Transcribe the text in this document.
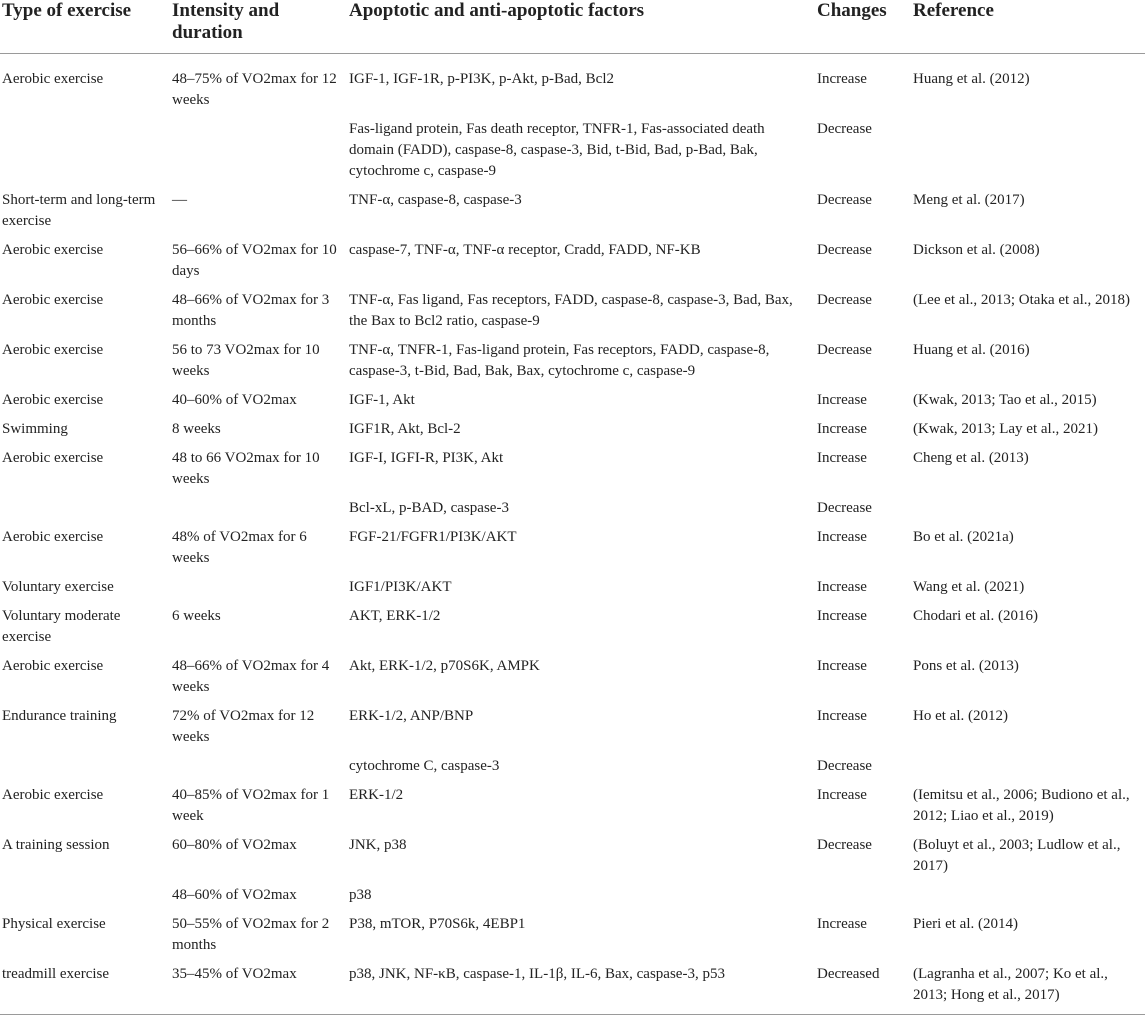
Type of exercise	Intensity and duration	Apoptotic and anti-apoptotic factors	Changes	Reference
Aerobic exercise	48–75% of VO2max for 12 weeks	IGF-1, IGF-1R, p-PI3K, p-Akt, p-Bad, Bcl2	Increase	Huang et al. (2012)
		Fas-ligand protein, Fas death receptor, TNFR-1, Fas-associated death domain (FADD), caspase-8, caspase-3, Bid, t-Bid, Bad, p-Bad, Bak, cytochrome c, caspase-9	Decrease	
Short-term and long-term exercise	—	TNF-α, caspase-8, caspase-3	Decrease	Meng et al. (2017)
Aerobic exercise	56–66% of VO2max for 10 days	caspase-7, TNF-α, TNF-α receptor, Cradd, FADD, NF-KB	Decrease	Dickson et al. (2008)
Aerobic exercise	48–66% of VO2max for 3 months	TNF-α, Fas ligand, Fas receptors, FADD, caspase-8, caspase-3, Bad, Bax, the Bax to Bcl2 ratio, caspase-9	Decrease	(Lee et al., 2013; Otaka et al., 2018)
Aerobic exercise	56 to 73 VO2max for 10 weeks	TNF-α, TNFR-1, Fas-ligand protein, Fas receptors, FADD, caspase-8, caspase-3, t-Bid, Bad, Bak, Bax, cytochrome c, caspase-9	Decrease	Huang et al. (2016)
Aerobic exercise	40–60% of VO2max	IGF-1, Akt	Increase	(Kwak, 2013; Tao et al., 2015)
Swimming	8 weeks	IGF1R, Akt, Bcl-2	Increase	(Kwak, 2013; Lay et al., 2021)
Aerobic exercise	48 to 66 VO2max for 10 weeks	IGF-I, IGFI-R, PI3K, Akt	Increase	Cheng et al. (2013)
		Bcl-xL, p-BAD, caspase-3	Decrease	
Aerobic exercise	48% of VO2max for 6 weeks	FGF-21/FGFR1/PI3K/AKT	Increase	Bo et al. (2021a)
Voluntary exercise		IGF1/PI3K/AKT	Increase	Wang et al. (2021)
Voluntary moderate exercise	6 weeks	AKT, ERK-1/2	Increase	Chodari et al. (2016)
Aerobic exercise	48–66% of VO2max for 4 weeks	Akt, ERK-1/2, p70S6K, AMPK	Increase	Pons et al. (2013)
Endurance training	72% of VO2max for 12 weeks	ERK-1/2, ANP/BNP	Increase	Ho et al. (2012)
		cytochrome C, caspase-3	Decrease	
Aerobic exercise	40–85% of VO2max for 1 week	ERK-1/2	Increase	(Iemitsu et al., 2006; Budiono et al., 2012; Liao et al., 2019)
A training session	60–80% of VO2max	JNK, p38	Decrease	(Boluyt et al., 2003; Ludlow et al., 2017)
	48–60% of VO2max	p38		
Physical exercise	50–55% of VO2max for 2 months	P38, mTOR, P70S6k, 4EBP1	Increase	Pieri et al. (2014)
treadmill exercise	35–45% of VO2max	p38, JNK, NF-κB, caspase-1, IL-1β, IL-6, Bax, caspase-3, p53	Decreased	(Lagranha et al., 2007; Ko et al., 2013; Hong et al., 2017)
